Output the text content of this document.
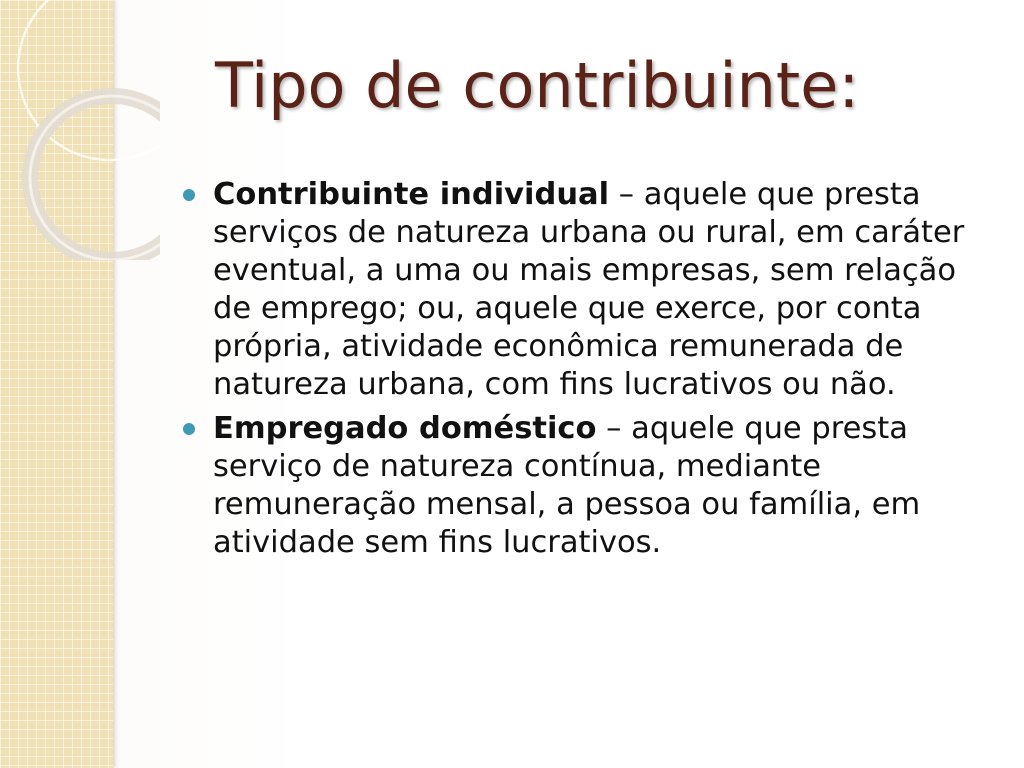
Tipo de contribuinte:
Contribuinte individual – aquele que presta serviços de natureza urbana ou rural, em caráter eventual, a uma ou mais empresas, sem relação de emprego; ou, aquele que exerce, por conta própria, atividade econômica remunerada de natureza urbana, com fins lucrativos ou não.
Empregado doméstico – aquele que presta serviço de natureza contínua, mediante remuneração mensal, a pessoa ou família, em atividade sem fins lucrativos.
